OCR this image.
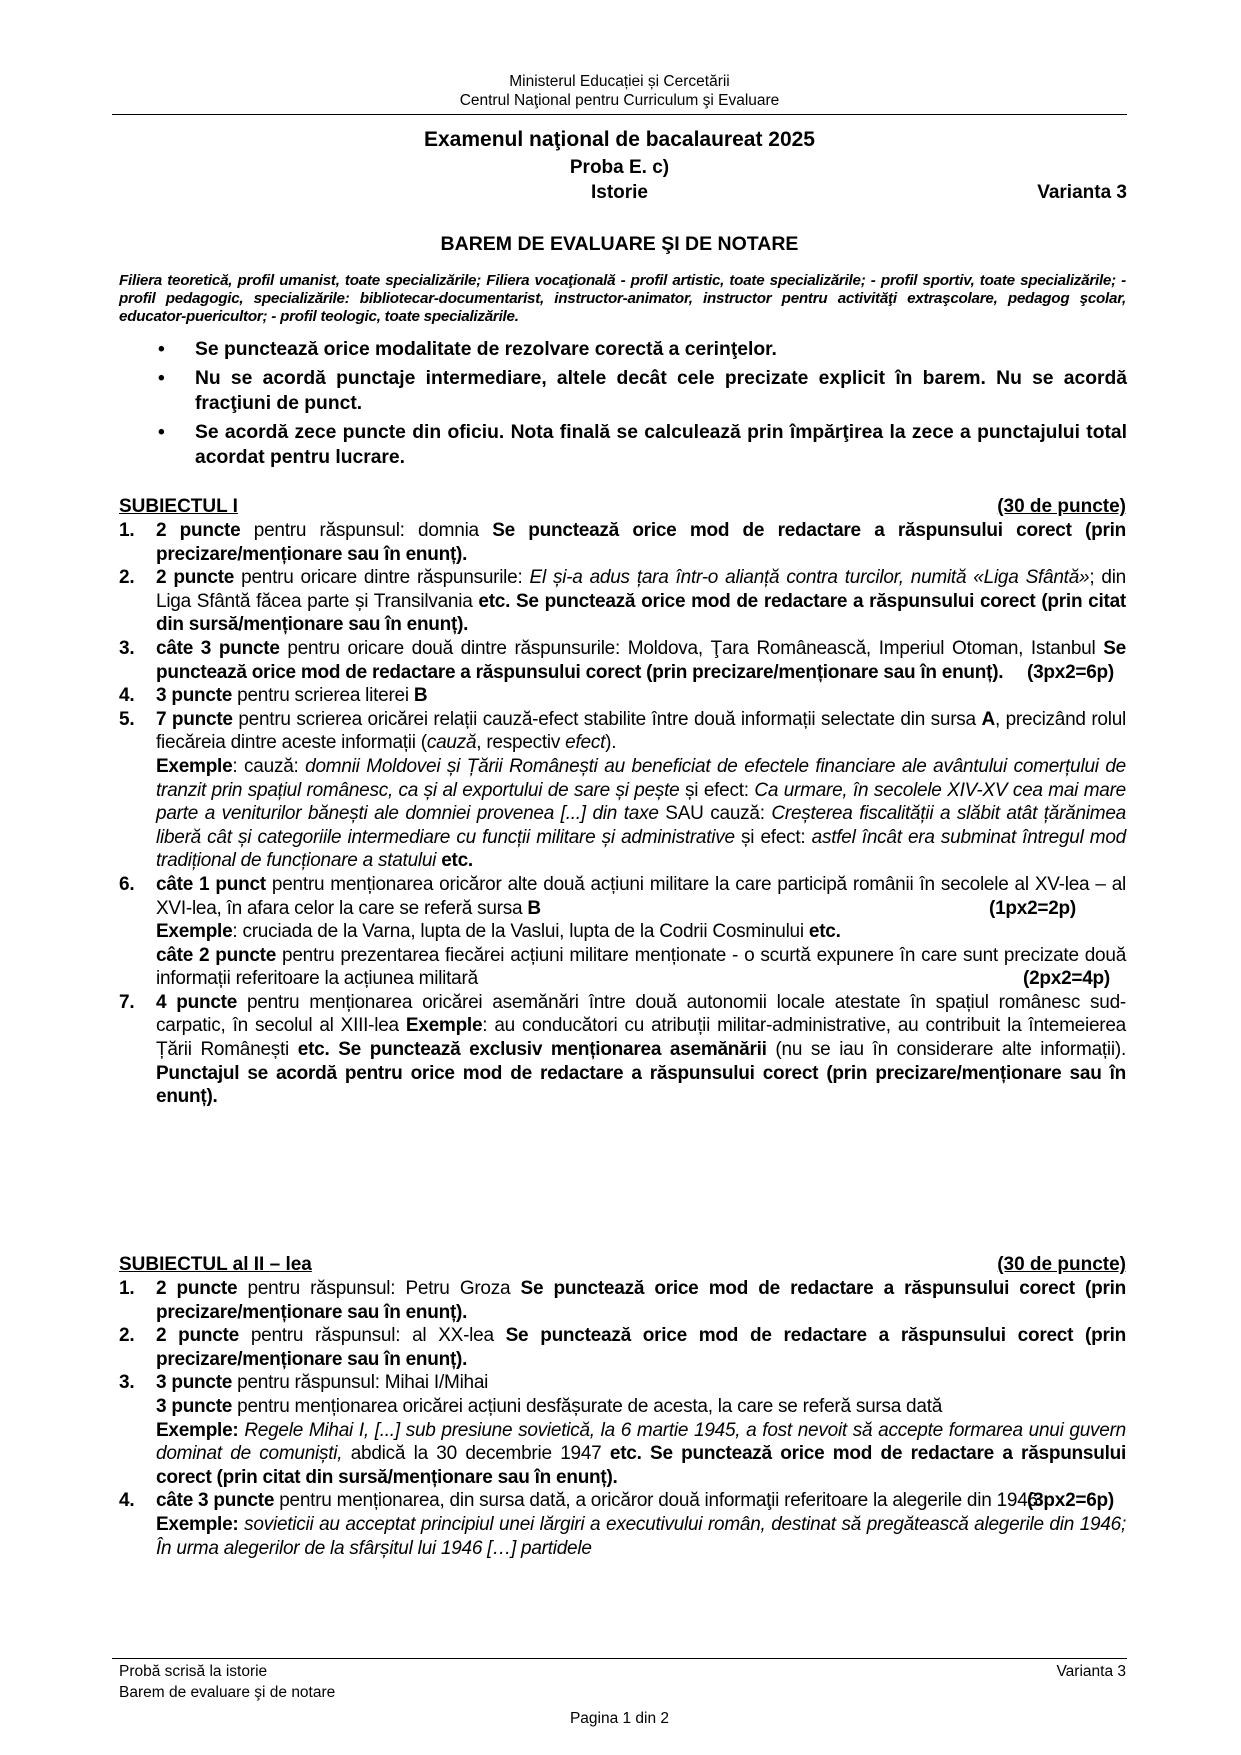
Ministerul Educației și Cercetării
Centrul Naţional pentru Curriculum şi Evaluare
Examenul naţional de bacalaureat 2025
Proba E. c)
Istorie	Varianta 3
BAREM DE EVALUARE ŞI DE NOTARE
Filiera teoretică, profil umanist, toate specializările; Filiera vocaţională - profil artistic, toate specializările; - profil sportiv, toate specializările; - profil pedagogic, specializările: bibliotecar-documentarist, instructor-animator, instructor pentru activităţi extraşcolare, pedagog şcolar, educator-puericultor; - profil teologic, toate specializările.
• Se punctează orice modalitate de rezolvare corectă a cerinţelor.
• Nu se acordă punctaje intermediare, altele decât cele precizate explicit în barem. Nu se acordă fracţiuni de punct.
• Se acordă zece puncte din oficiu. Nota finală se calculează prin împărţirea la zece a punctajului total acordat pentru lucrare.
SUBIECTUL I	(30 de puncte)
1. 2 puncte pentru răspunsul: domnia Se punctează orice mod de redactare a răspunsului corect (prin precizare/menționare sau în enunț).
2. 2 puncte pentru oricare dintre răspunsurile: El și-a adus țara într-o alianță contra turcilor, numită «Liga Sfântă»; din Liga Sfântă făcea parte și Transilvania etc. Se punctează orice mod de redactare a răspunsului corect (prin citat din sursă/menționare sau în enunț).
3. câte 3 puncte pentru oricare două dintre răspunsurile: Moldova, Ţara Românească, Imperiul Otoman, Istanbul Se punctează orice mod de redactare a răspunsului corect (prin precizare/menționare sau în enunț). (3px2=6p)
4. 3 puncte pentru scrierea literei B
5. 7 puncte pentru scrierea oricărei relații cauză-efect stabilite între două informații selectate din sursa A, precizând rolul fiecăreia dintre aceste informații (cauză, respectiv efect).
Exemple: cauză: domnii Moldovei și Țării Românești au beneficiat de efectele financiare ale avântului comerțului de tranzit prin spațiul românesc, ca și al exportului de sare și pește și efect: Ca urmare, în secolele XIV-XV cea mai mare parte a veniturilor bănești ale domniei provenea [...] din taxe SAU cauză: Creșterea fiscalității a slăbit atât țărănimea liberă cât și categoriile intermediare cu funcții militare și administrative și efect: astfel încât era subminat întregul mod tradițional de funcționare a statului etc.
6. câte 1 punct pentru menționarea oricăror alte două acțiuni militare la care participă românii în secolele al XV-lea – al XVI-lea, în afara celor la care se referă sursa B	(1px2=2p)
Exemple: cruciada de la Varna, lupta de la Vaslui, lupta de la Codrii Cosminului etc.
câte 2 puncte pentru prezentarea fiecărei acțiuni militare menționate - o scurtă expunere în care sunt precizate două informații referitoare la acțiunea militară	(2px2=4p)
7. 4 puncte pentru menționarea oricărei asemănări între două autonomii locale atestate în spațiul românesc sud-carpatic, în secolul al XIII-lea Exemple: au conducători cu atribuții militar-administrative, au contribuit la întemeierea Țării Românești etc. Se punctează exclusiv menționarea asemănării (nu se iau în considerare alte informații). Punctajul se acordă pentru orice mod de redactare a răspunsului corect (prin precizare/menționare sau în enunț).
SUBIECTUL al II – lea	(30 de puncte)
1. 2 puncte pentru răspunsul: Petru Groza Se punctează orice mod de redactare a răspunsului corect (prin precizare/menționare sau în enunț).
2. 2 puncte pentru răspunsul: al XX-lea Se punctează orice mod de redactare a răspunsului corect (prin precizare/menționare sau în enunț).
3. 3 puncte pentru răspunsul: Mihai I/Mihai
3 puncte pentru menționarea oricărei acțiuni desfășurate de acesta, la care se referă sursa dată
Exemple: Regele Mihai I, [...] sub presiune sovietică, la 6 martie 1945, a fost nevoit să accepte formarea unui guvern dominat de comuniști, abdică la 30 decembrie 1947 etc. Se punctează orice mod de redactare a răspunsului corect (prin citat din sursă/menționare sau în enunț).
4. câte 3 puncte pentru menționarea, din sursa dată, a oricăror două informaţii referitoare la alegerile din 1946
(3px2=6p)
Exemple: sovieticii au acceptat principiul unei lărgiri a executivului român, destinat să pregătească alegerile din 1946; În urma alegerilor de la sfârșitul lui 1946 […] partidele
Probă scrisă la istorie
Barem de evaluare şi de notare
Varianta 3
Pagina 1 din 2
